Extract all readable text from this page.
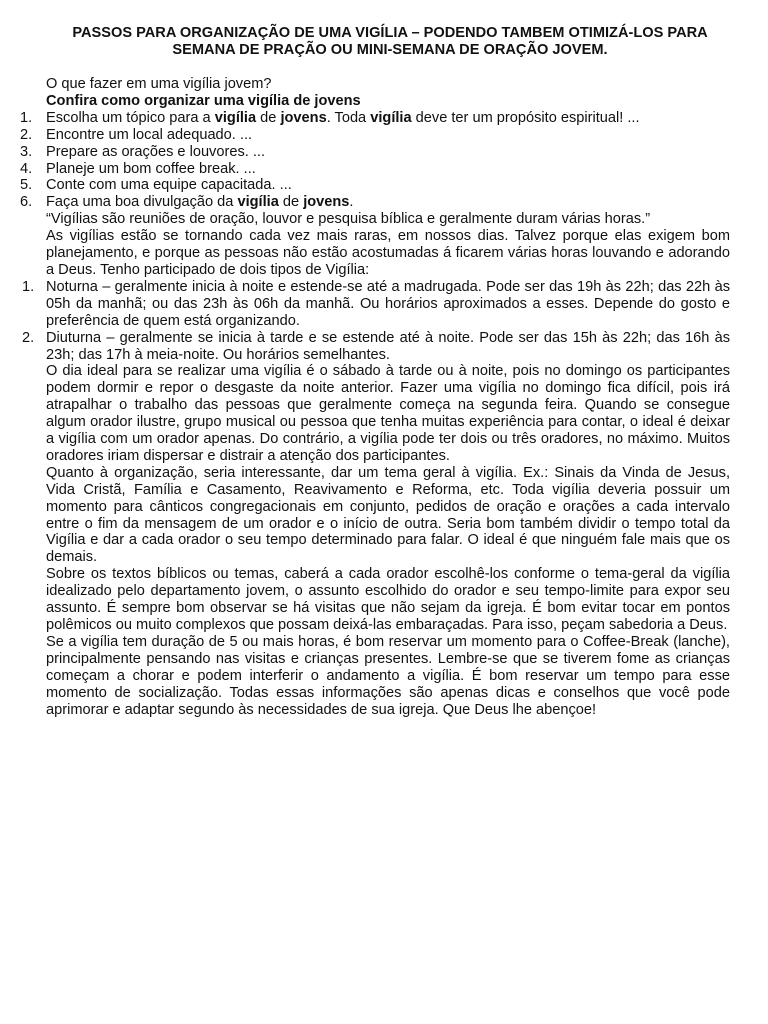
PASSOS PARA ORGANIZAÇÃO DE UMA VIGÍLIA – PODENDO TAMBEM OTIMIZÁ-LOS PARA
SEMANA DE PRAÇÃO OU MINI-SEMANA DE ORAÇÃO JOVEM.

O que fazer em uma vigília jovem?

Confira como organizar uma vigília de jovens

1. Escolha um tópico para a vigília de jovens. Toda vigília deve ter um propósito espiritual! ...
2. Encontre um local adequado. ...
3. Prepare as orações e louvores. ...
4. Planeje um bom coffee break. ...
5. Conte com uma equipe capacitada. ...
6. Faça uma boa divulgação da vigília de jovens.

“Vigílias são reuniões de oração, louvor e pesquisa bíblica e geralmente duram várias horas.”

As vigílias estão se tornando cada vez mais raras, em nossos dias. Talvez porque elas exigem bom planejamento, e porque as pessoas não estão acostumadas á ficarem várias horas louvando e adorando a Deus. Tenho participado de dois tipos de Vigília:

1. Noturna – geralmente inicia à noite e estende-se até a madrugada. Pode ser das 19h às 22h; das 22h às 05h da manhã; ou das 23h às 06h da manhã. Ou horários aproximados a esses. Depende do gosto e preferência de quem está organizando.
2. Diuturna – geralmente se inicia à tarde e se estende até à noite. Pode ser das 15h às 22h; das 16h às 23h; das 17h à meia-noite. Ou horários semelhantes.

O dia ideal para se realizar uma vigília é o sábado à tarde ou à noite, pois no domingo os participantes podem dormir e repor o desgaste da noite anterior. Fazer uma vigília no domingo fica difícil, pois irá atrapalhar o trabalho das pessoas que geralmente começa na segunda feira. Quando se consegue algum orador ilustre, grupo musical ou pessoa que tenha muitas experiência para contar, o ideal é deixar a vigília com um orador apenas. Do contrário, a vigília pode ter dois ou três oradores, no máximo. Muitos oradores iriam dispersar e distrair a atenção dos participantes.

Quanto à organização, seria interessante, dar um tema geral à vigília. Ex.: Sinais da Vinda de Jesus, Vida Cristã, Família e Casamento, Reavivamento e Reforma, etc. Toda vigília deveria possuir um momento para cânticos congregacionais em conjunto, pedidos de oração e orações a cada intervalo entre o fim da mensagem de um orador e o início de outra. Seria bom também dividir o tempo total da Vigília e dar a cada orador o seu tempo determinado para falar. O ideal é que ninguém fale mais que os demais.

Sobre os textos bíblicos ou temas, caberá a cada orador escolhê-los conforme o tema-geral da vigília idealizado pelo departamento jovem, o assunto escolhido do orador e seu tempo-limite para expor seu assunto. É sempre bom observar se há visitas que não sejam da igreja. É bom evitar tocar em pontos polêmicos ou muito complexos que possam deixá-las embaraçadas. Para isso, peçam sabedoria a Deus.

Se a vigília tem duração de 5 ou mais horas, é bom reservar um momento para o Coffee-Break (lanche), principalmente pensando nas visitas e crianças presentes. Lembre-se que se tiverem fome as crianças começam a chorar e podem interferir o andamento a vigília. É bom reservar um tempo para esse momento de socialização. Todas essas informações são apenas dicas e conselhos que você pode aprimorar e adaptar segundo às necessidades de sua igreja. Que Deus lhe abençoe!
